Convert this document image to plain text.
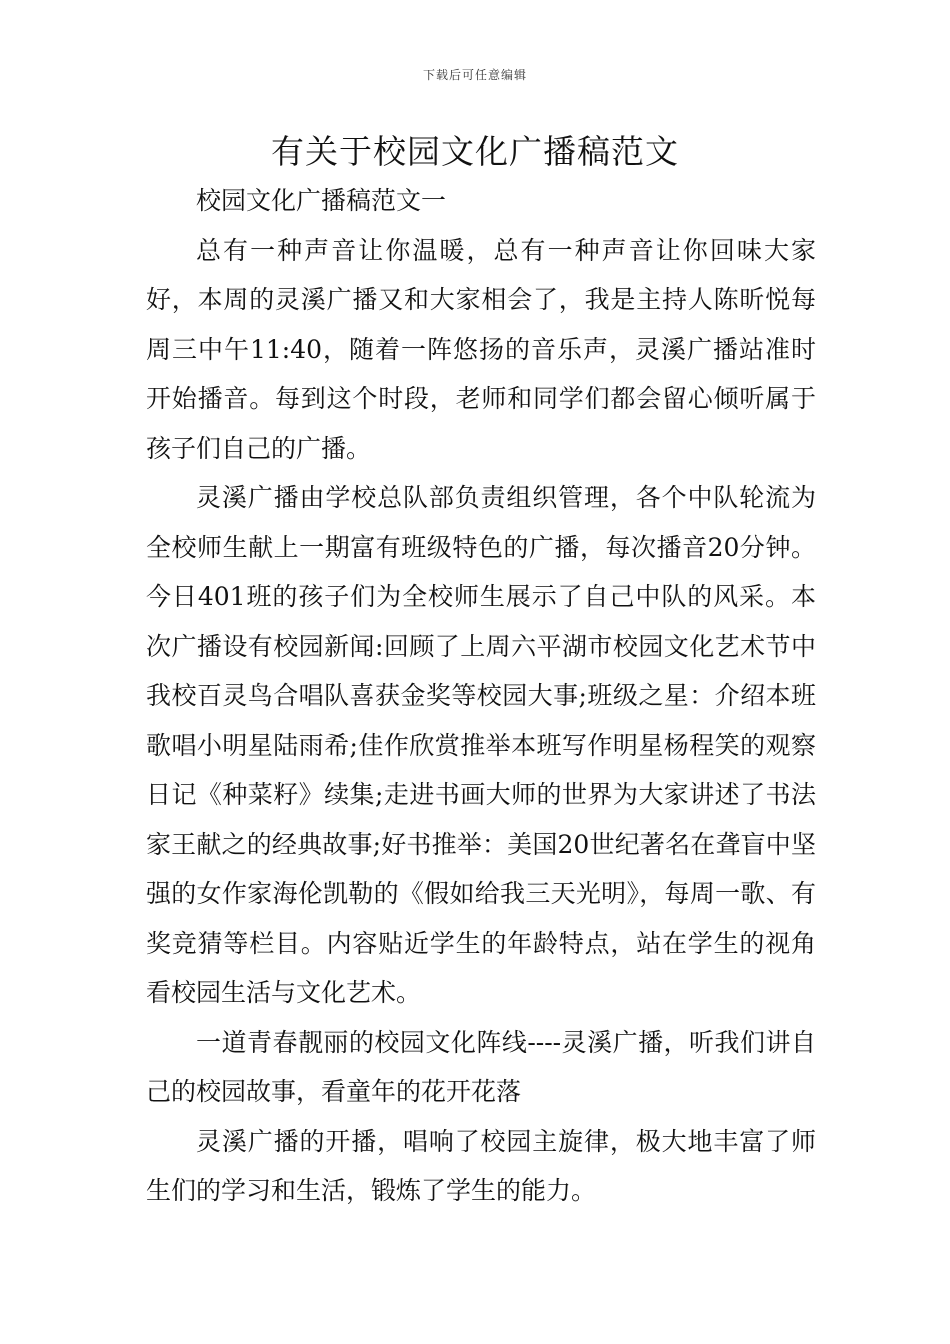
下载后可任意编辑
有关于校园文化广播稿范文

校园文化广播稿范文一

总有一种声音让你温暖，总有一种声音让你回味大家好，本周的灵溪广播又和大家相会了，我是主持人陈昕悦每周三中午11:40，随着一阵悠扬的音乐声，灵溪广播站准时开始播音。每到这个时段，老师和同学们都会留心倾听属于孩子们自己的广播。

灵溪广播由学校总队部负责组织管理，各个中队轮流为全校师生献上一期富有班级特色的广播，每次播音20分钟。今日401班的孩子们为全校师生展示了自己中队的风采。本次广播设有校园新闻:回顾了上周六平湖市校园文化艺术节中我校百灵鸟合唱队喜获金奖等校园大事;班级之星：介绍本班歌唱小明星陆雨希;佳作欣赏推举本班写作明星杨程笑的观察日记《种菜籽》续集;走进书画大师的世界为大家讲述了书法家王献之的经典故事;好书推举：美国20世纪著名在聋盲中坚强的女作家海伦凯勒的《假如给我三天光明》，每周一歌、有奖竞猜等栏目。内容贴近学生的年龄特点，站在学生的视角看校园生活与文化艺术。

一道青春靓丽的校园文化阵线----灵溪广播，听我们讲自己的校园故事，看童年的花开花落

灵溪广播的开播，唱响了校园主旋律，极大地丰富了师生们的学习和生活，锻炼了学生的能力。
